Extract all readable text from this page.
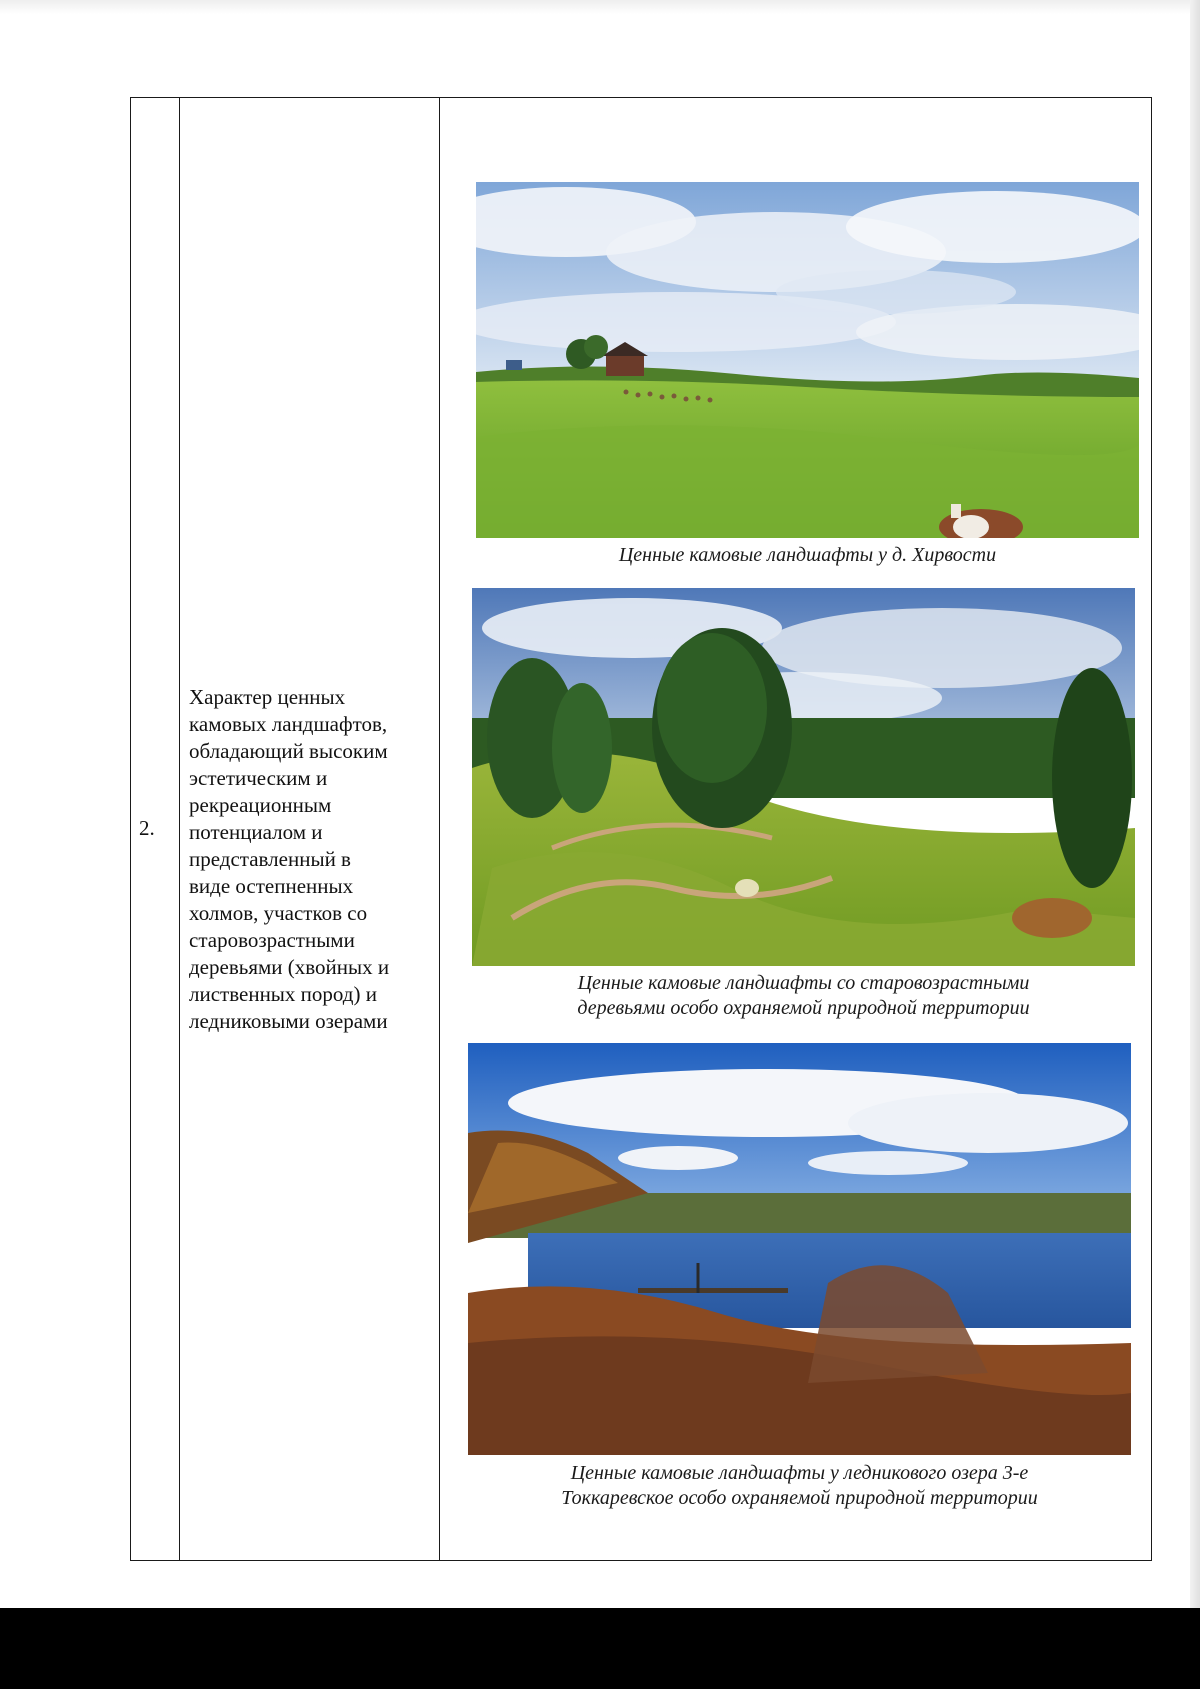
2.

Характер ценных
камовых ландшафтов,
обладающий высоким
эстетическим и
рекреационным
потенциалом и
представленный в
виде остепненных
холмов, участков со
старовозрастными
деревьями (хвойных и
лиственных пород) и
ледниковыми озерами

Ценные камовые ландшафты у д. Хирвости
Ценные камовые ландшафты со старовозрастными
деревьями особо охраняемой природной территории
Ценные камовые ландшафты у ледникового озера 3-е
Токкаревское особо охраняемой природной территории
